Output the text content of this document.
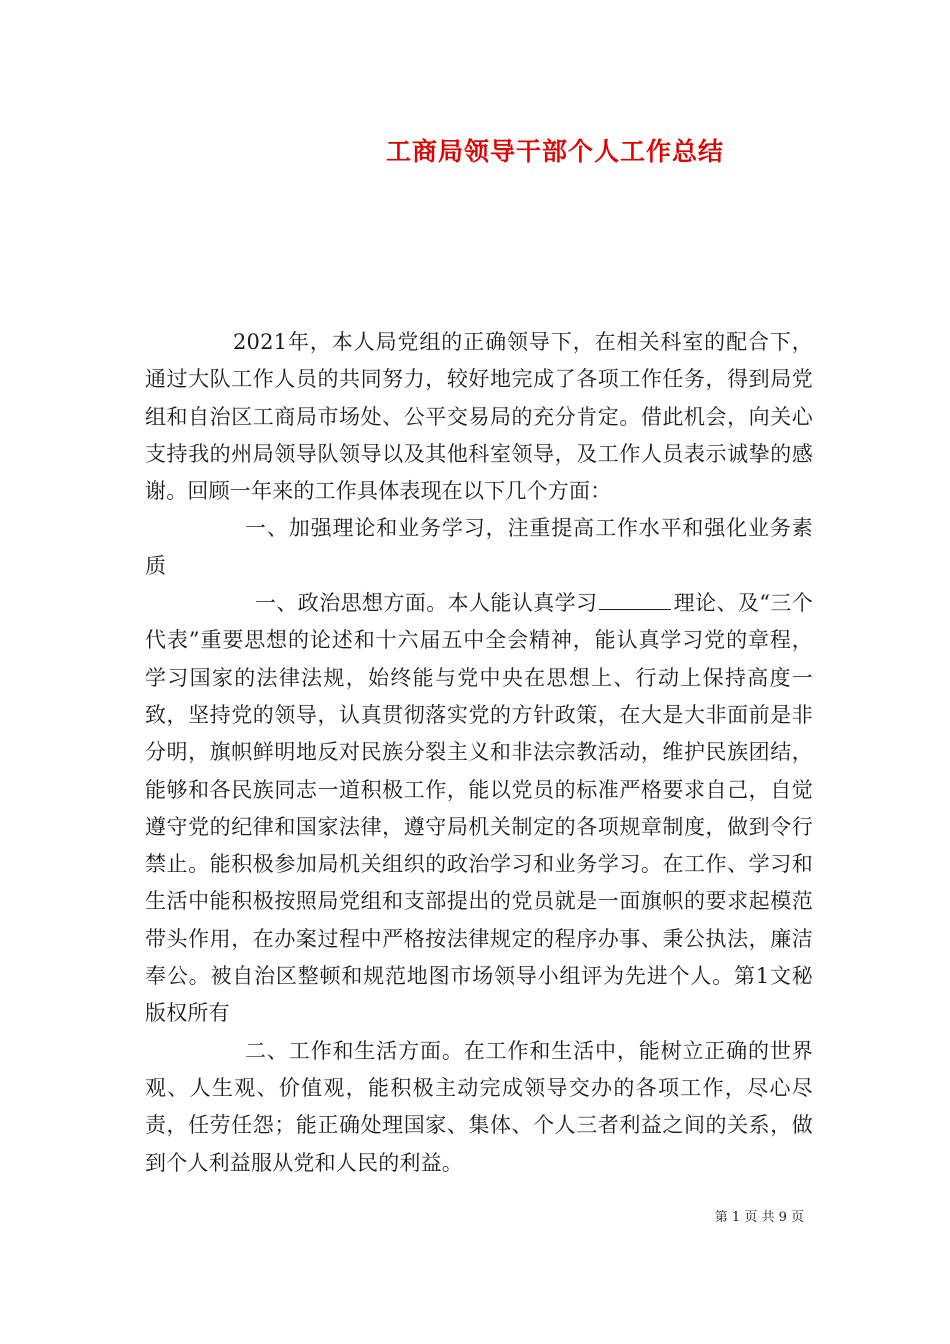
工商局领导干部个人工作总结

2021年，本人局党组的正确领导下，在相关科室的配合下，通过大队工作人员的共同努力，较好地完成了各项工作任务，得到局党组和自治区工商局市场处、公平交易局的充分肯定。借此机会，向关心支持我的州局领导队领导以及其他科室领导，及工作人员表示诚挚的感谢。回顾一年来的工作具体表现在以下几个方面：

一、加强理论和业务学习，注重提高工作水平和强化业务素质

一、政治思想方面。本人能认真学习	理论、及“三个代表”重要思想的论述和十六届五中全会精神，能认真学习党的章程，学习国家的法律法规，始终能与党中央在思想上、行动上保持高度一致，坚持党的领导，认真贯彻落实党的方针政策，在大是大非面前是非分明，旗帜鲜明地反对民族分裂主义和非法宗教活动，维护民族团结，能够和各民族同志一道积极工作，能以党员的标准严格要求自己，自觉遵守党的纪律和国家法律，遵守局机关制定的各项规章制度，做到令行禁止。能积极参加局机关组织的政治学习和业务学习。在工作、学习和生活中能积极按照局党组和支部提出的党员就是一面旗帜的要求起模范带头作用，在办案过程中严格按法律规定的程序办事、秉公执法，廉洁奉公。被自治区整顿和规范地图市场领导小组评为先进个人。第1文秘版权所有

二、工作和生活方面。在工作和生活中，能树立正确的世界观、人生观、价值观，能积极主动完成领导交办的各项工作，尽心尽责，任劳任怨；能正确处理国家、集体、个人三者利益之间的关系，做到个人利益服从党和人民的利益。

第 1 页 共 9 页
